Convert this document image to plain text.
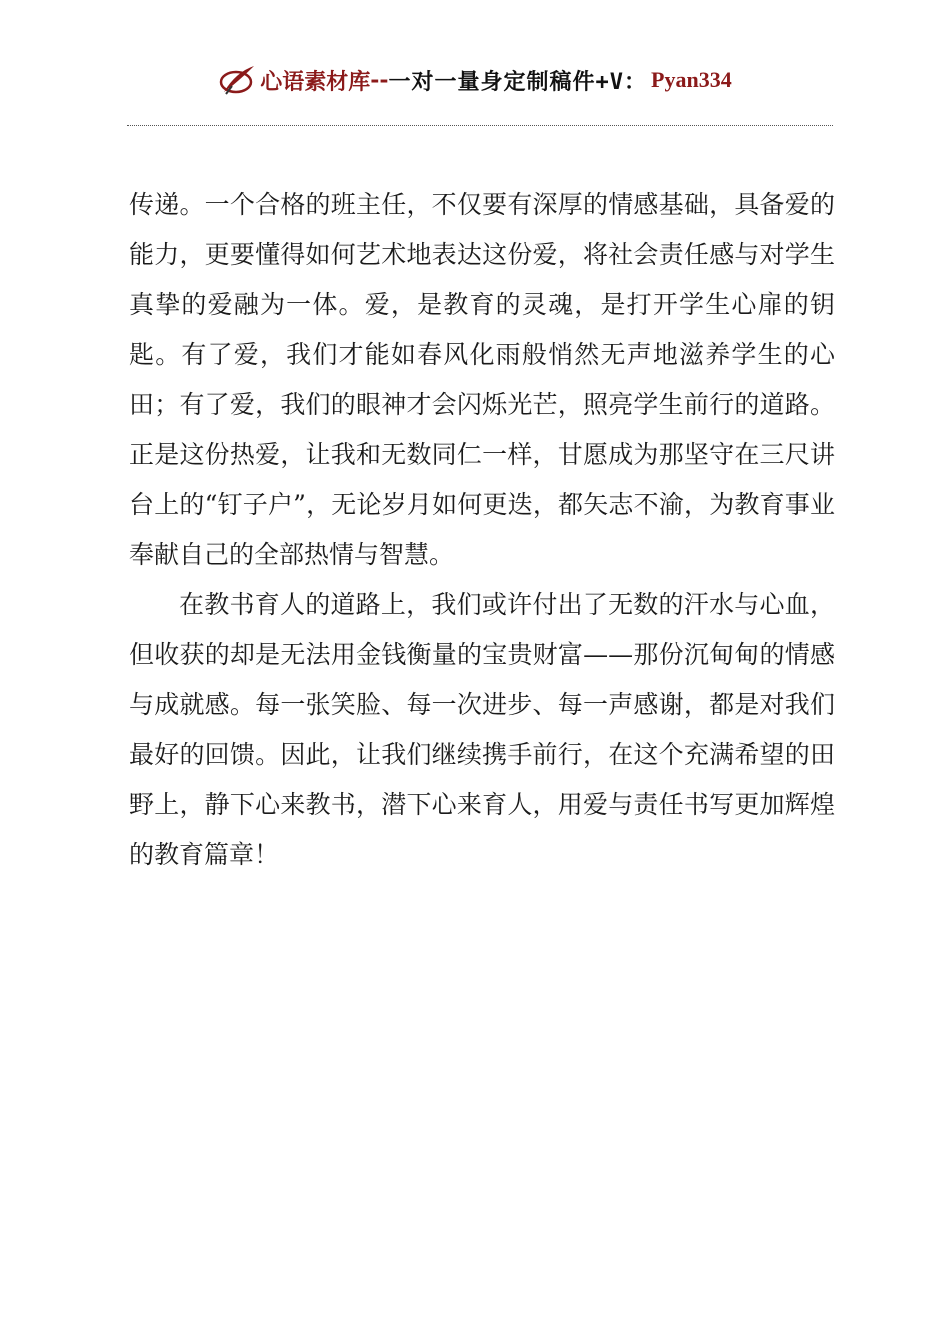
心语素材库 -- 一对一量身定制稿件+V： Pyan334

传递。一个合格的班主任，不仅要有深厚的情感基础，具备爱的能力，更要懂得如何艺术地表达这份爱，将社会责任感与对学生真挚的爱融为一体。爱，是教育的灵魂，是打开学生心扉的钥匙。有了爱，我们才能如春风化雨般悄然无声地滋养学生的心田；有了爱，我们的眼神才会闪烁光芒，照亮学生前行的道路。正是这份热爱，让我和无数同仁一样，甘愿成为那坚守在三尺讲台上的“钉子户”，无论岁月如何更迭，都矢志不渝，为教育事业奉献自己的全部热情与智慧。

在教书育人的道路上，我们或许付出了无数的汗水与心血，但收获的却是无法用金钱衡量的宝贵财富——那份沉甸甸的情感与成就感。每一张笑脸、每一次进步、每一声感谢，都是对我们最好的回馈。因此，让我们继续携手前行，在这个充满希望的田野上，静下心来教书，潜下心来育人，用爱与责任书写更加辉煌的教育篇章！
